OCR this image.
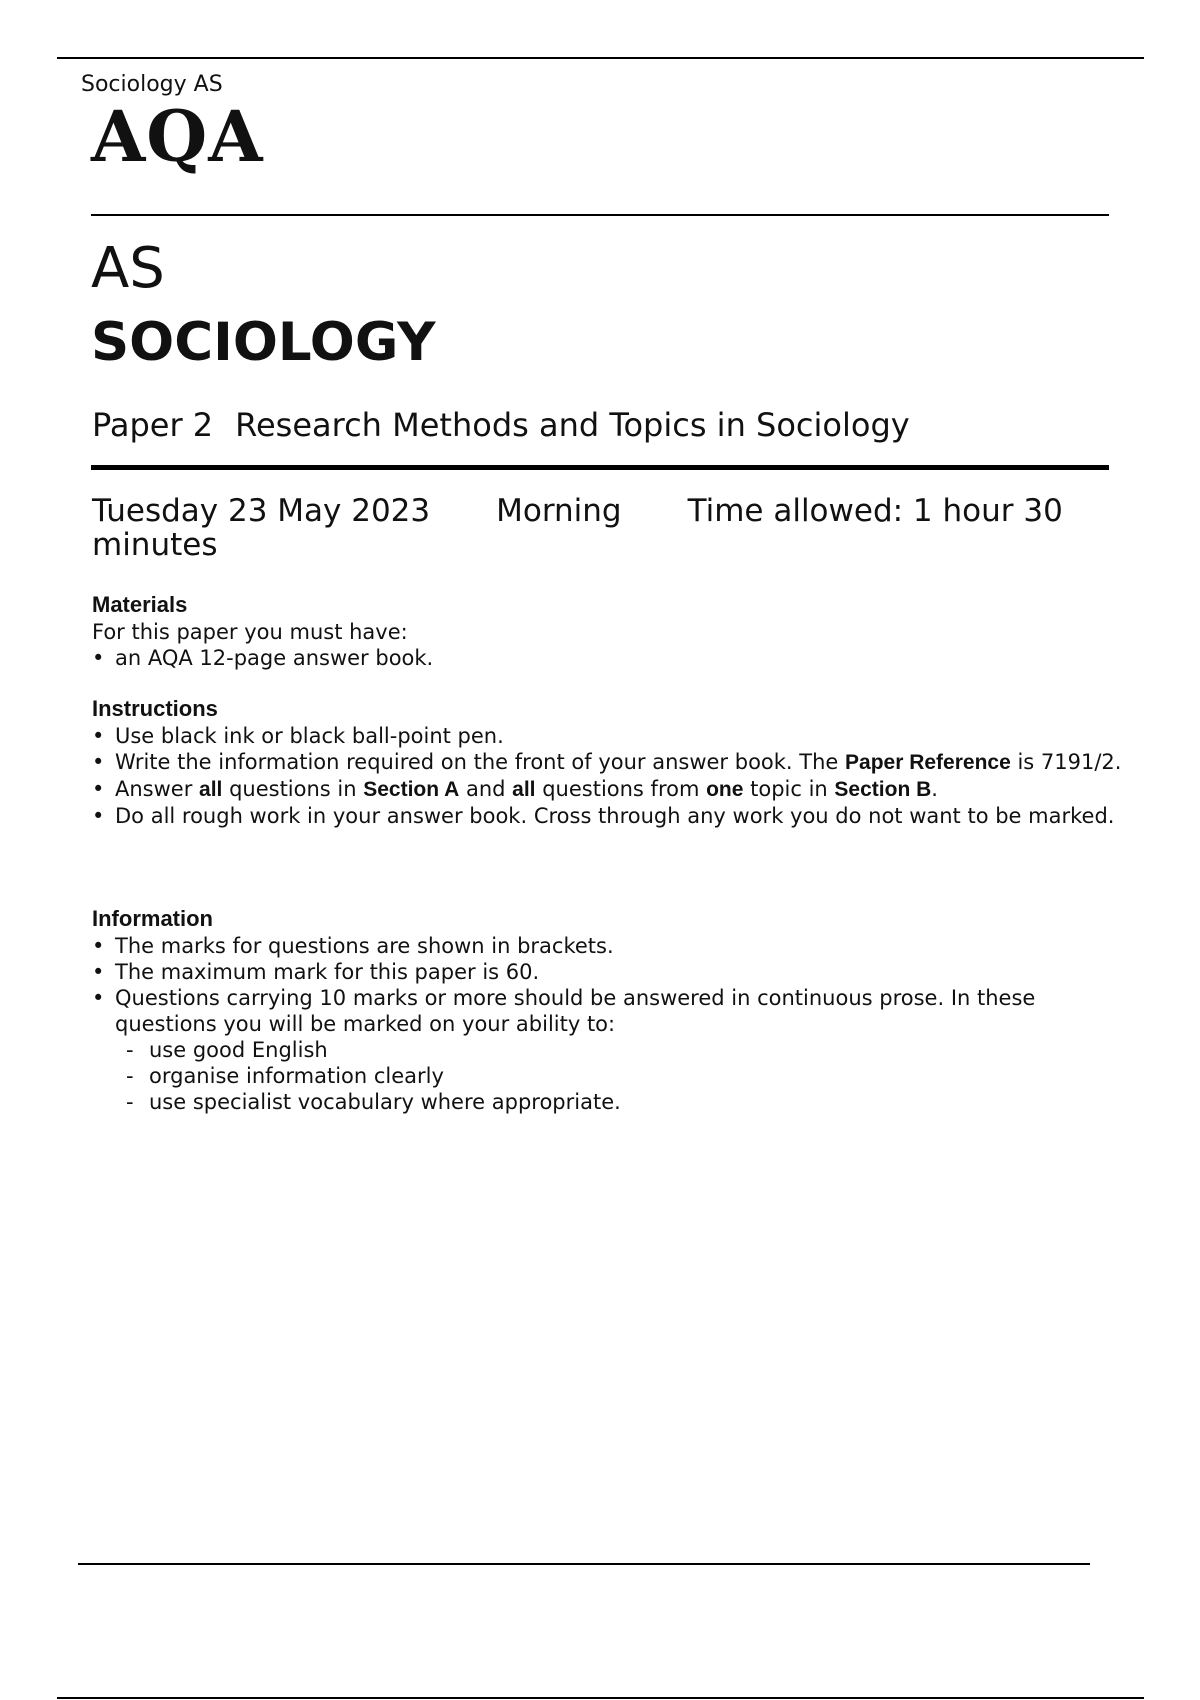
Sociology AS

AQA
AS
SOCIOLOGY
Paper 2 Research Methods and Topics in Sociology
Tuesday 23 May 2023 Morning Time allowed: 1 hour 30 minutes
Materials

For this paper you must have:

• an AQA 12-page answer book.
Instructions
• Use black ink or black ball-point pen.
• Write the information required on the front of your answer book. The Paper Reference is 7191/2.
• Answer all questions in Section A and all questions from one topic in Section B.
• Do all rough work in your answer book. Cross through any work you do not want to be marked.
Information
• The marks for questions are shown in brackets.
• The maximum mark for this paper is 60.
• Questions carrying 10 marks or more should be answered in continuous prose. In these questions you will be marked on your ability to:
- use good English
- organise information clearly
- use specialist vocabulary where appropriate.
